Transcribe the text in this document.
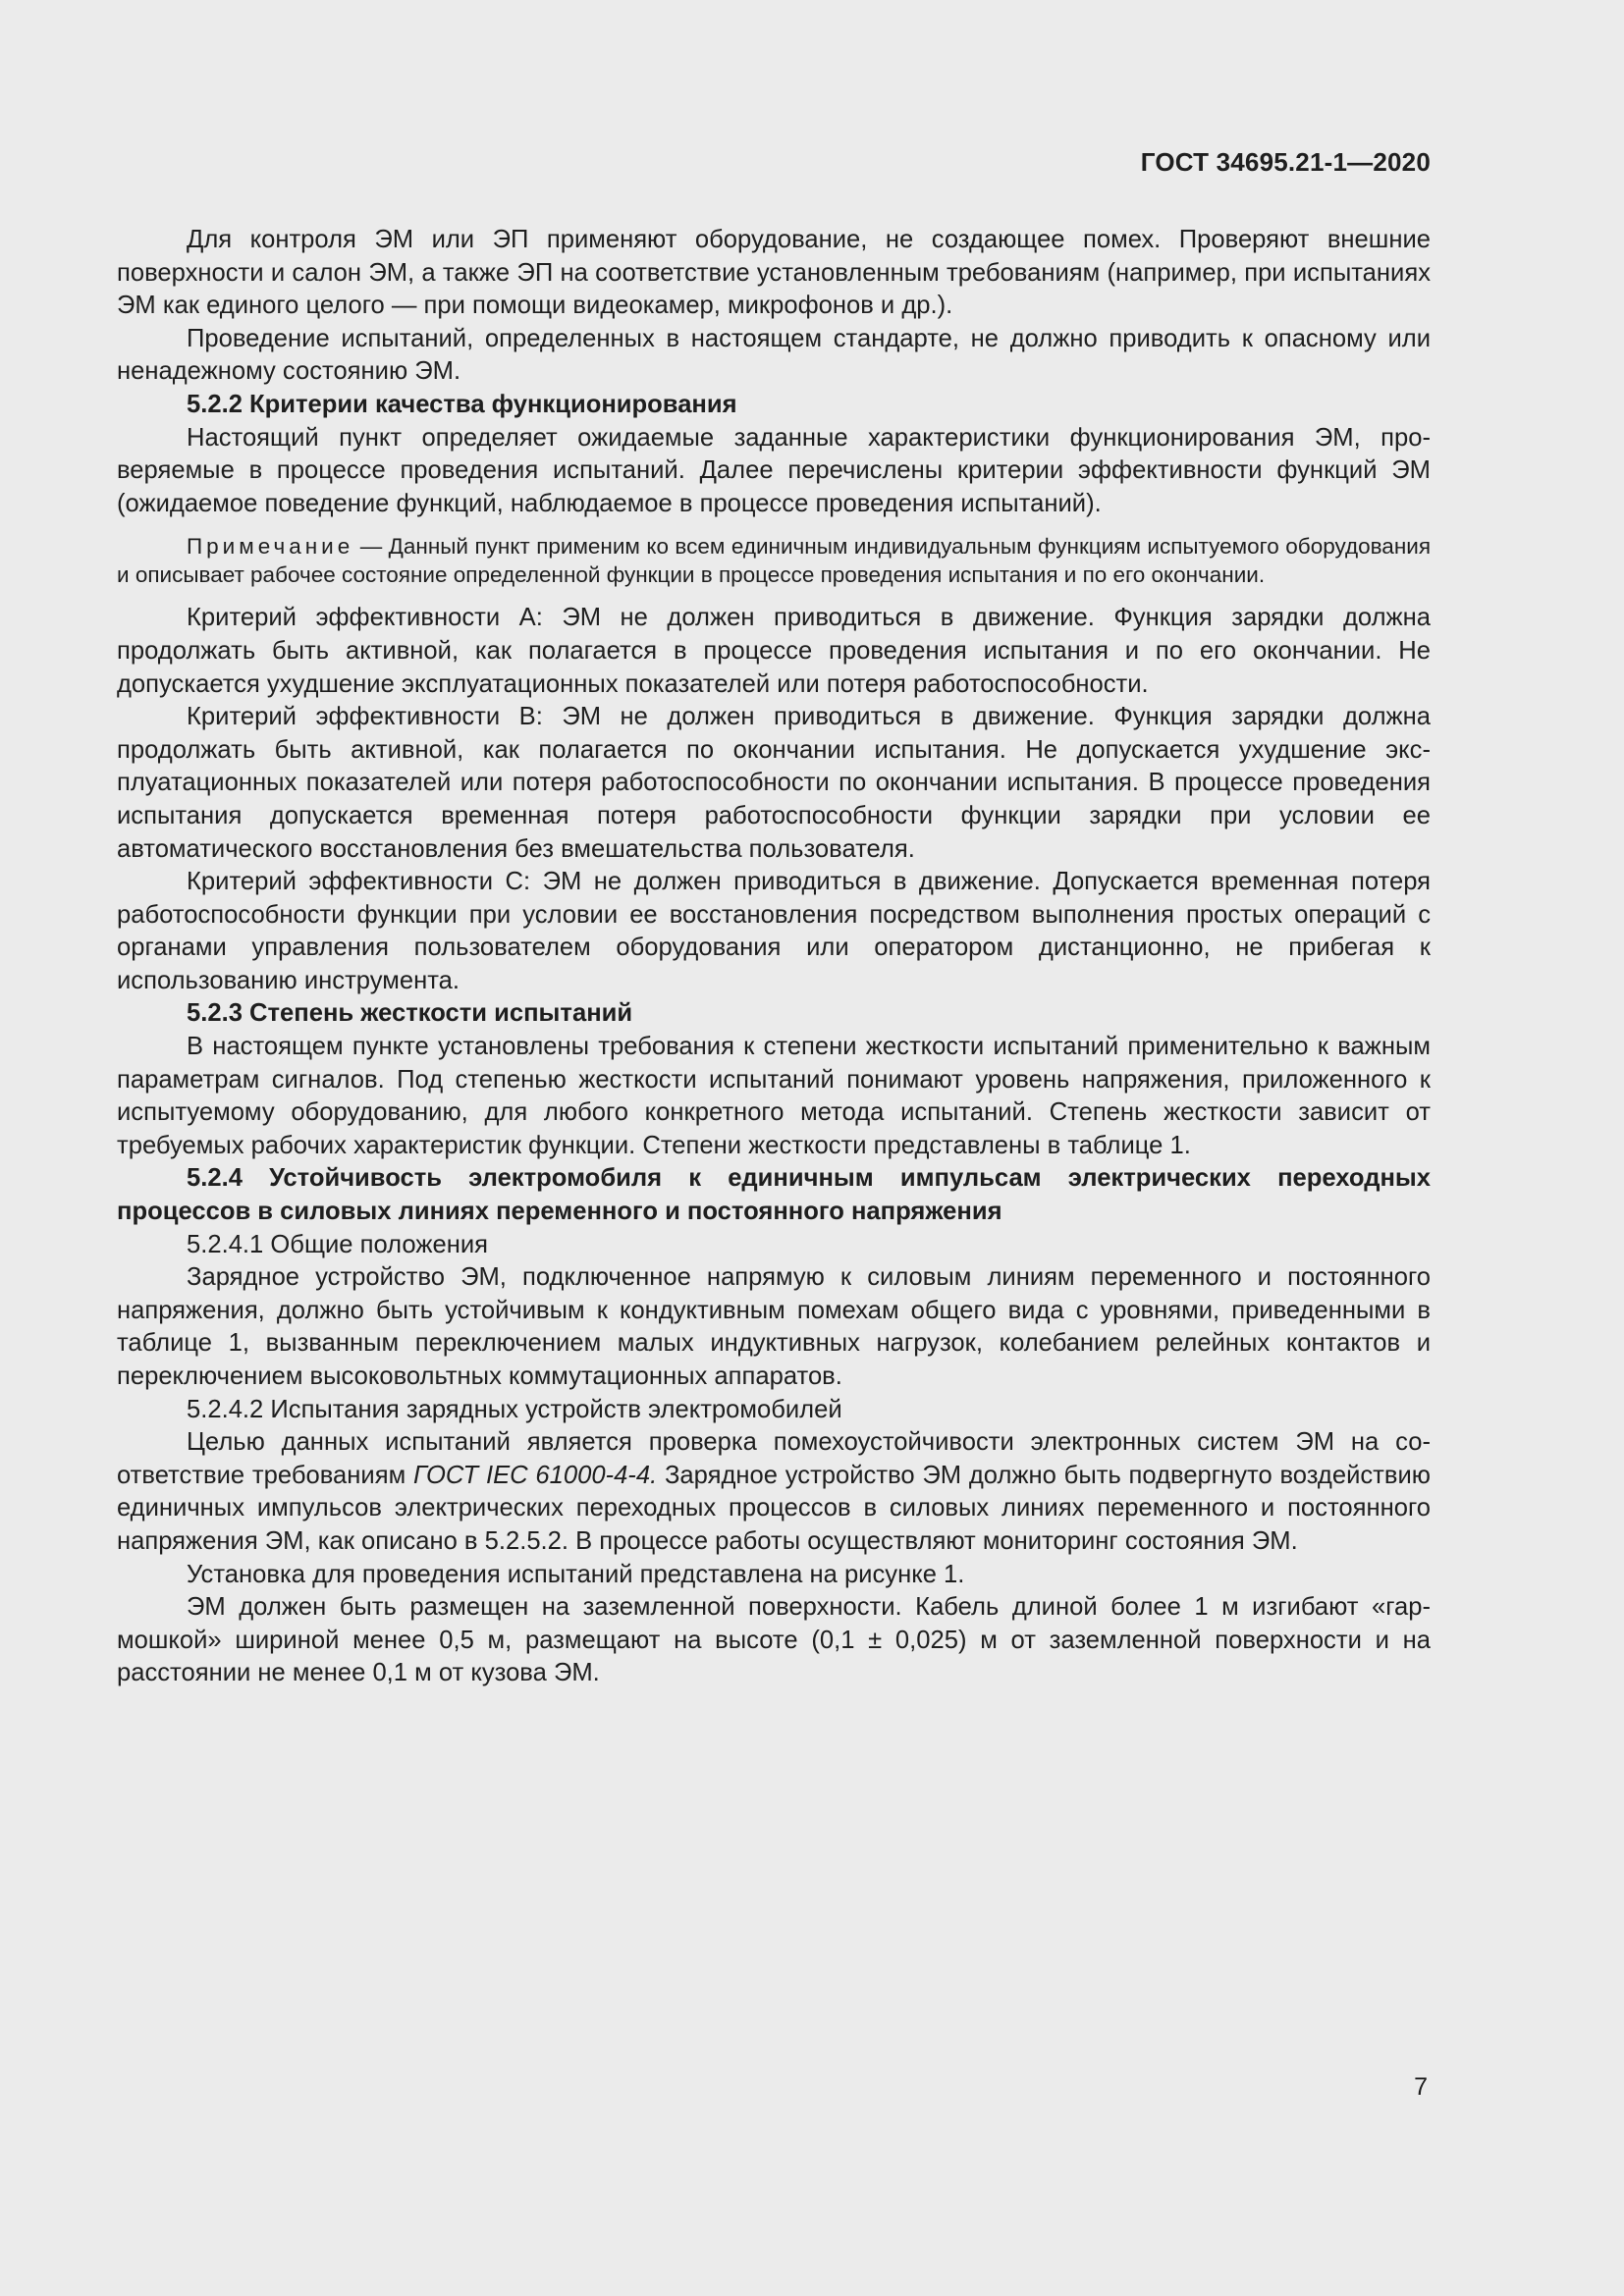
ГОСТ 34695.21-1—2020

Для контроля ЭМ или ЭП применяют оборудование, не создающее помех. Проверяют внешние поверхности и салон ЭМ, а также ЭП на соответствие установленным требованиям (например, при испытаниях ЭМ как единого целого — при помощи видеокамер, микрофонов и др.).

Проведение испытаний, определенных в настоящем стандарте, не должно приводить к опасному или ненадежному состоянию ЭМ.

5.2.2 Критерии качества функционирования

Настоящий пункт определяет ожидаемые заданные характеристики функционирования ЭМ, проверяемые в процессе проведения испытаний. Далее перечислены критерии эффективности функций ЭМ (ожидаемое поведение функций, наблюдаемое в процессе проведения испытаний).

Примечание — Данный пункт применим ко всем единичным индивидуальным функциям испытуемого оборудования и описывает рабочее состояние определенной функции в процессе проведения испытания и по его окончании.

Критерий эффективности А: ЭМ не должен приводиться в движение. Функция зарядки должна продолжать быть активной, как полагается в процессе проведения испытания и по его окончании. Не допускается ухудшение эксплуатационных показателей или потеря работоспособности.

Критерий эффективности В: ЭМ не должен приводиться в движение. Функция зарядки должна продолжать быть активной, как полагается по окончании испытания. Не допускается ухудшение эксплуатационных показателей или потеря работоспособности по окончании испытания. В процессе проведения испытания допускается временная потеря работоспособности функции зарядки при условии ее автоматического восстановления без вмешательства пользователя.

Критерий эффективности С: ЭМ не должен приводиться в движение. Допускается временная потеря работоспособности функции при условии ее восстановления посредством выполнения простых операций с органами управления пользователем оборудования или оператором дистанционно, не прибегая к использованию инструмента.

5.2.3 Степень жесткости испытаний

В настоящем пункте установлены требования к степени жесткости испытаний применительно к важным параметрам сигналов. Под степенью жесткости испытаний понимают уровень напряжения, приложенного к испытуемому оборудованию, для любого конкретного метода испытаний. Степень жесткости зависит от требуемых рабочих характеристик функции. Степени жесткости представлены в таблице 1.

5.2.4 Устойчивость электромобиля к единичным импульсам электрических переходных процессов в силовых линиях переменного и постоянного напряжения

5.2.4.1 Общие положения

Зарядное устройство ЭМ, подключенное напрямую к силовым линиям переменного и постоянного напряжения, должно быть устойчивым к кондуктивным помехам общего вида с уровнями, приведенными в таблице 1, вызванным переключением малых индуктивных нагрузок, колебанием релейных контактов и переключением высоковольтных коммутационных аппаратов.

5.2.4.2 Испытания зарядных устройств электромобилей

Целью данных испытаний является проверка помехоустойчивости электронных систем ЭМ на соответствие требованиям ГОСТ IEC 61000-4-4. Зарядное устройство ЭМ должно быть подвергнуто воздействию единичных импульсов электрических переходных процессов в силовых линиях переменного и постоянного напряжения ЭМ, как описано в 5.2.5.2. В процессе работы осуществляют мониторинг состояния ЭМ.

Установка для проведения испытаний представлена на рисунке 1.

ЭМ должен быть размещен на заземленной поверхности. Кабель длиной более 1 м изгибают «гармошкой» шириной менее 0,5 м, размещают на высоте (0,1 ± 0,025) м от заземленной поверхности и на расстоянии не менее 0,1 м от кузова ЭМ.

7
